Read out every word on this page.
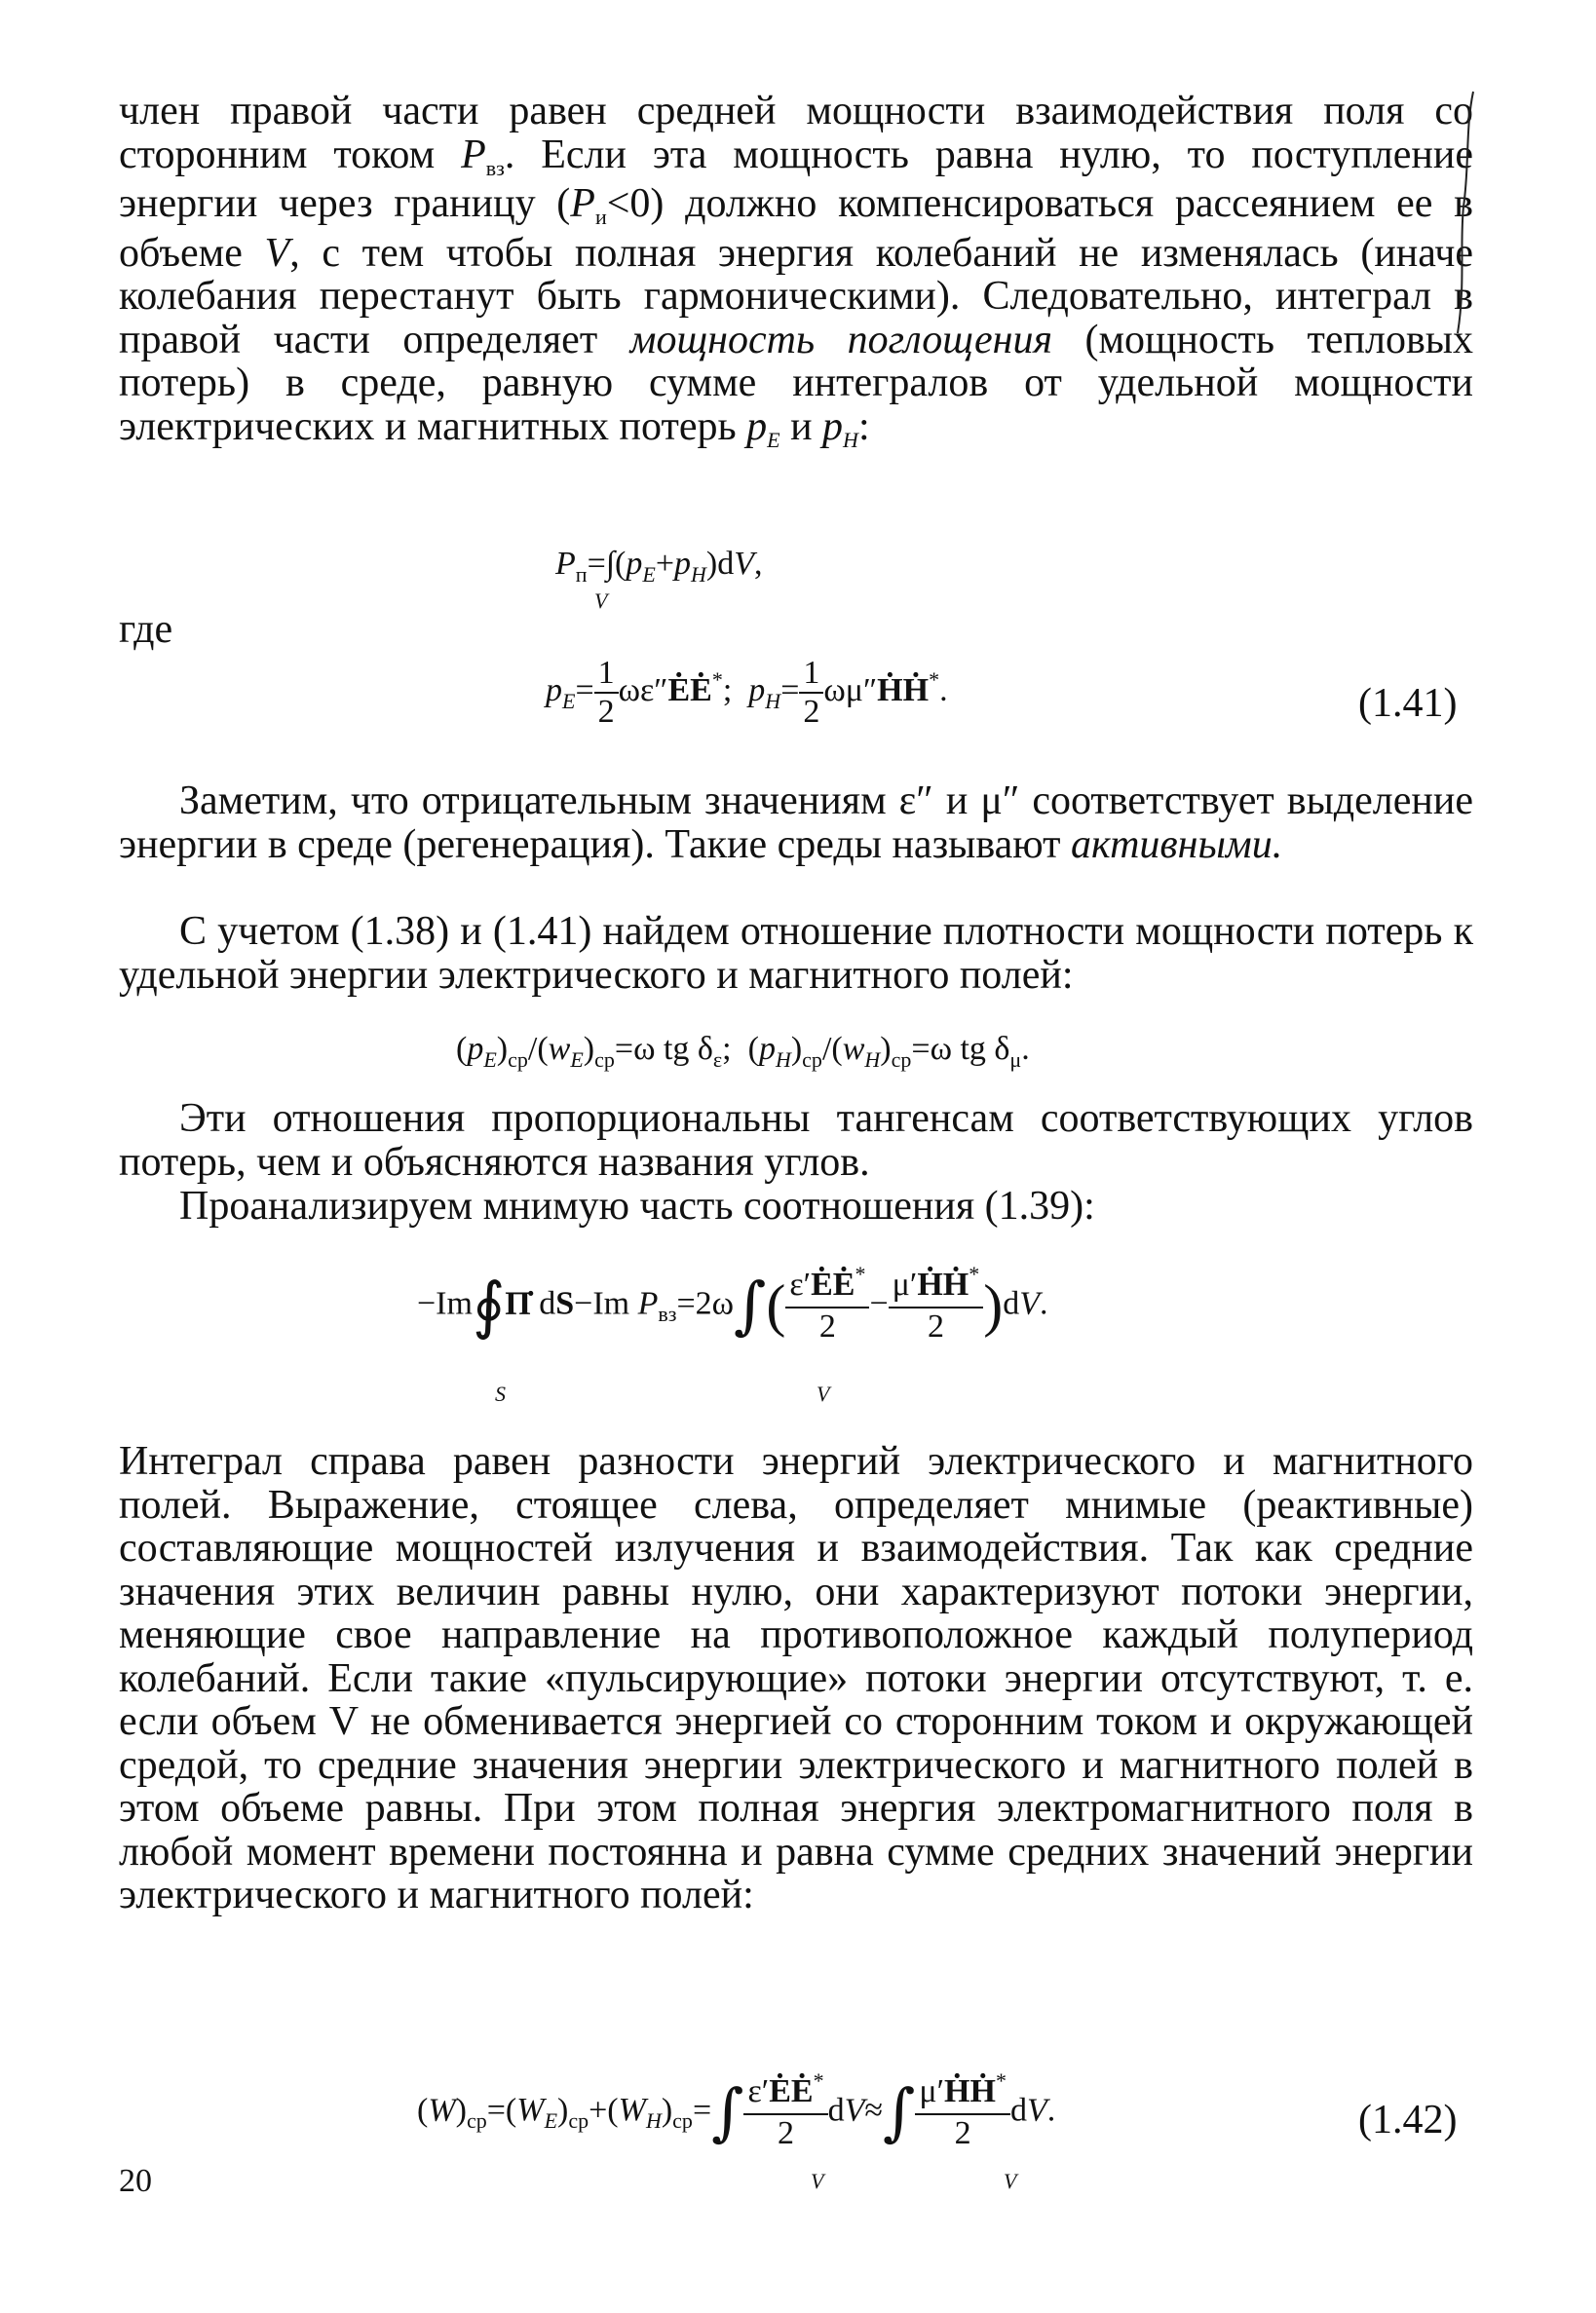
член правой части равен средней мощности взаимодействия поля со сторонним током Pвз. Если эта мощность равна нулю, то поступление энергии через границу (Pи<0) должно компенсироваться рассеянием ее в объеме V, с тем чтобы полная энергия колебаний не изменялась (иначе колебания перестанут быть гармоническими). Следовательно, интеграл в правой части определяет мощность поглощения (мощность тепловых потерь) в среде, равную сумме интегралов от удельной мощности электрических и магнитных потерь pE и pH:

$P_п=\int(p_E+p_H)dV$,
V

где

$p_E= \frac{1}{2}$ ωε″ĖĖ*;  $p_H= \frac{1}{2}$ ωμ″ḢḢ*.	(1.41)

Заметим, что отрицательным значениям ε″ и μ″ соответствует выделение энергии в среде (регенерация). Такие среды называют активными.

С учетом (1.38) и (1.41) найдем отношение плотности мощности потерь к удельной энергии электрического и магнитного полей:

$(p_E)_{ср}/(w_E)_{ср}=\omega$ tg $\delta_\varepsilon$;  $(p_H)_{ср}/(w_H)_{ср}=\omega$ tg $\delta_\mu$.

Эти отношения пропорциональны тангенсам соответствующих углов потерь, чем и объясняются названия углов.

Проанализируем мнимую часть соотношения (1.39):

−Im∮Π̇ dS−Im $P_{вз}=2\omega\int( \frac{\varepsilon'ĖĖ^*}{2} - \frac{\mu'ḢḢ^*}{2} )dV$.
S	V

Интеграл справа равен разности энергий электрического и магнитного полей. Выражение, стоящее слева, определяет мнимые (реактивные) составляющие мощностей излучения и взаимодействия. Так как средние значения этих величин равны нулю, они характеризуют потоки энергии, меняющие свое направление на противоположное каждый полупериод колебаний. Если такие «пульсирующие» потоки энергии отсутствуют, т. е. если объем V не обменивается энергией со сторонним током и окружающей средой, то средние значения энергии электрического и магнитного полей в этом объеме равны. При этом полная энергия электромагнитного поля в любой момент времени постоянна и равна сумме средних значений энергии электрического и магнитного полей:

$(W)_{ср}=(W_E)_{ср}+(W_H)_{ср}=\int \frac{\varepsilon'ĖĖ^*}{2} dV\approx\int \frac{\mu'ḢḢ^*}{2}$ dV.	(1.42)
V	V
20
